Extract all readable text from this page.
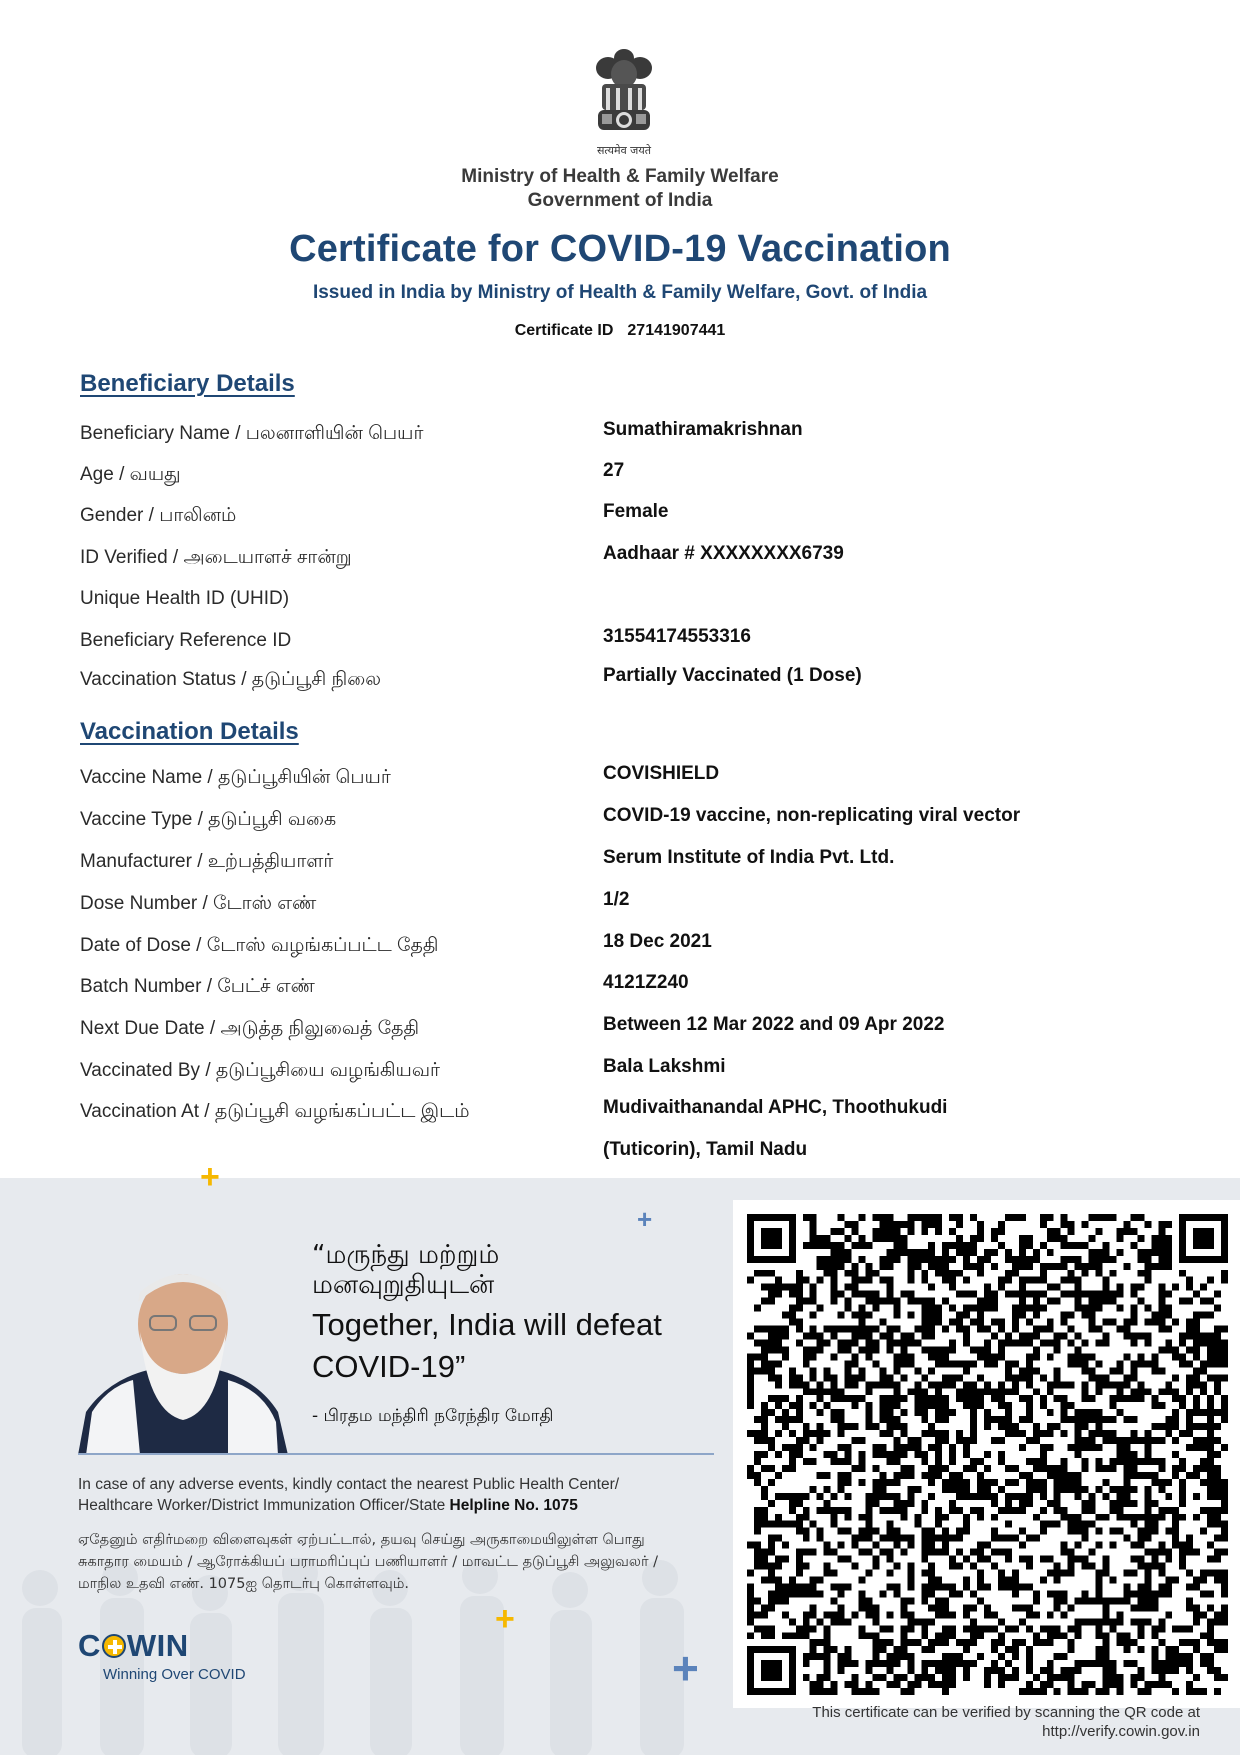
सत्यमेव जयते
Ministry of Health & Family Welfare
Government of India
Certificate for COVID-19 Vaccination
Issued in India by Ministry of Health & Family Welfare, Govt. of India
Certificate ID 27141907441
Beneficiary Details
Beneficiary Name / பலனாளியின் பெயர்	Sumathiramakrishnan
Age / வயது	27
Gender / பாலினம்	Female
ID Verified / அடையாளச் சான்று	Aadhaar # XXXXXXXX6739
Unique Health ID (UHID)
Beneficiary Reference ID	31554174553316
Vaccination Status / தடுப்பூசி நிலை	Partially Vaccinated (1 Dose)
Vaccination Details
Vaccine Name / தடுப்பூசியின் பெயர்	COVISHIELD
Vaccine Type / தடுப்பூசி வகை	COVID-19 vaccine, non-replicating viral vector
Manufacturer / உற்பத்தியாளர்	Serum Institute of India Pvt. Ltd.
Dose Number / டோஸ் எண்	1/2
Date of Dose / டோஸ் வழங்கப்பட்ட தேதி	18 Dec 2021
Batch Number / பேட்ச் எண்	4121Z240
Next Due Date / அடுத்த நிலுவைத் தேதி	Between 12 Mar 2022 and 09 Apr 2022
Vaccinated By / தடுப்பூசியை வழங்கியவர்	Bala Lakshmi
Vaccination At / தடுப்பூசி வழங்கப்பட்ட இடம்	Mudivaithanandal APHC, Thoothukudi
(Tuticorin), Tamil Nadu
+
+
+
+
“மருந்து மற்றும்
மனவுறுதியுடன்
Together, India will defeat
COVID-19”
- பிரதம மந்திரி நரேந்திர மோதி
In case of any adverse events, kindly contact the nearest Public Health Center/
Healthcare Worker/District Immunization Officer/State Helpline No. 1075
ஏதேனும் எதிர்மறை விளைவுகள் ஏற்பட்டால், தயவு செய்து அருகாமையிலுள்ள பொது
சுகாதார மையம் / ஆரோக்கியப் பராமரிப்புப் பணியாளர் / மாவட்ட தடுப்பூசி அலுவலர் /
மாநில உதவி எண். 1075ஐ தொடர்பு கொள்ளவும்.
C WIN
Winning Over COVID
This certificate can be verified by scanning the QR code at
http://verify.cowin.gov.in
